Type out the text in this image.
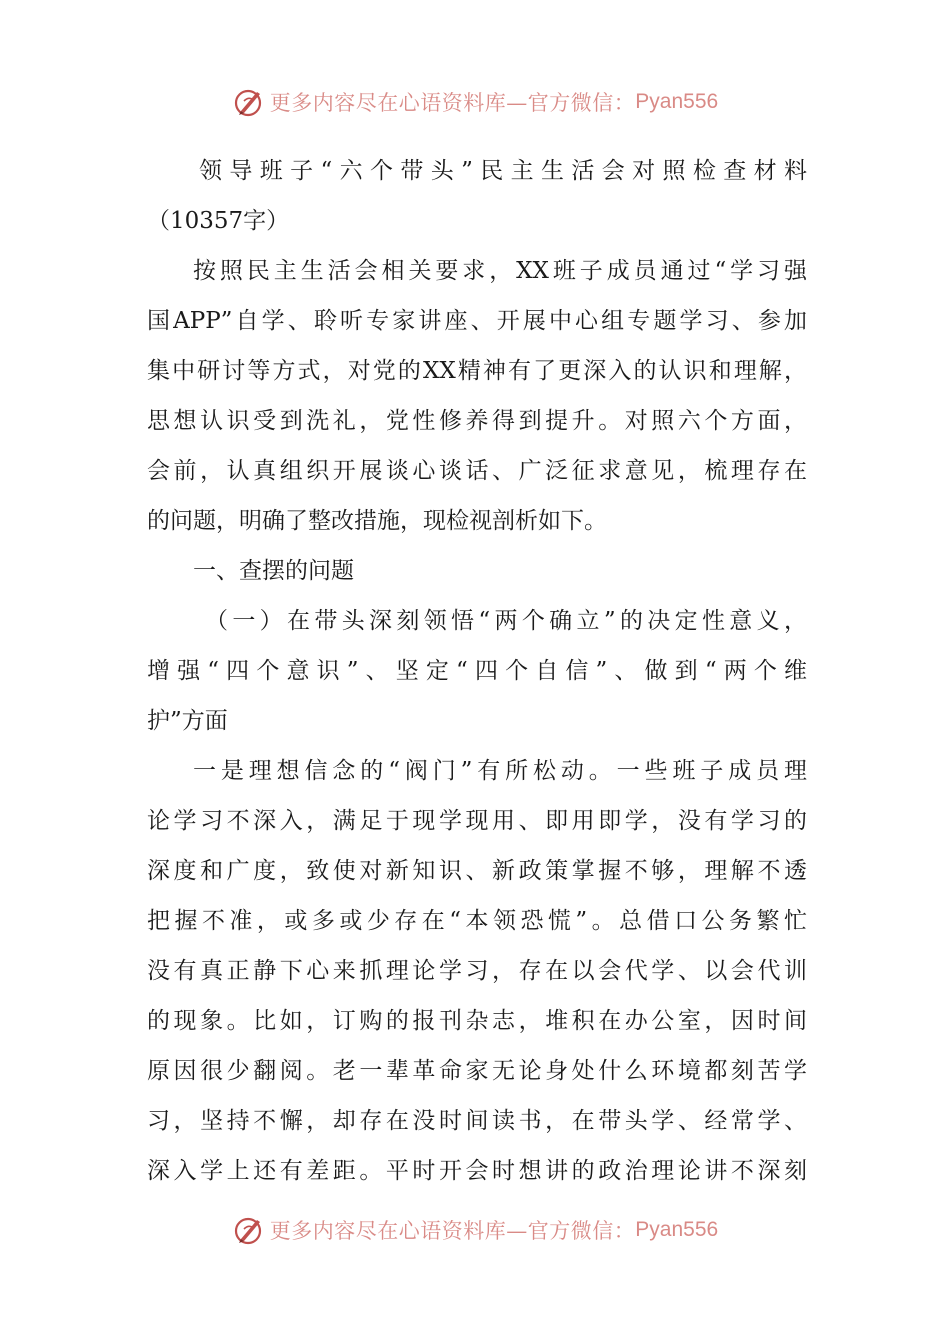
更多内容尽在心语资料库—官方微信： Pyan556
领导班子“六个带头”民主生活会对照检查材料
（10357字）
按照民主生活会相关要求，XX班子成员通过“学习强
国APP”自学、聆听专家讲座、开展中心组专题学习、参加
集中研讨等方式，对党的XX精神有了更深入的认识和理解，
思想认识受到洗礼，党性修养得到提升。对照六个方面，
会前，认真组织开展谈心谈话、广泛征求意见，梳理存在
的问题，明确了整改措施，现检视剖析如下。
一、查摆的问题
（一）在带头深刻领悟“两个确立”的决定性意义，
增强“四个意识”、坚定“四个自信”、做到“两个维
护”方面
一是理想信念的“阀门”有所松动。一些班子成员理
论学习不深入，满足于现学现用、即用即学，没有学习的
深度和广度，致使对新知识、新政策掌握不够，理解不透
把握不准，或多或少存在“本领恐慌”。总借口公务繁忙
没有真正静下心来抓理论学习，存在以会代学、以会代训
的现象。比如，订购的报刊杂志，堆积在办公室，因时间
原因很少翻阅。老一辈革命家无论身处什么环境都刻苦学
习，坚持不懈，却存在没时间读书，在带头学、经常学、
深入学上还有差距。平时开会时想讲的政治理论讲不深刻
更多内容尽在心语资料库—官方微信： Pyan556
